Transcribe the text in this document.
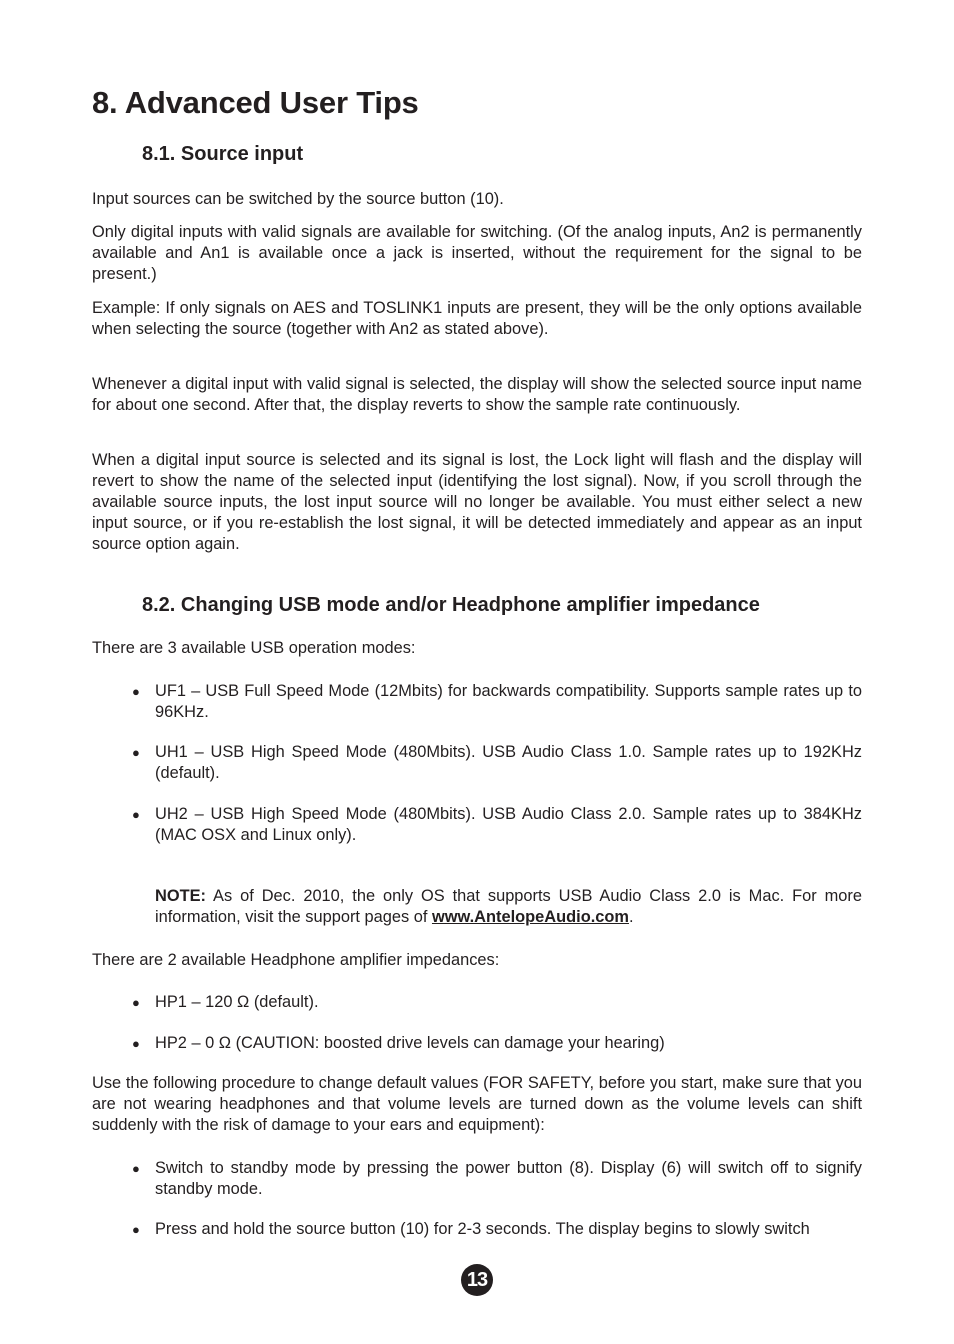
8. Advanced User Tips
8.1. Source input

Input sources can be switched by the source button (10).

Only digital inputs with valid signals are available for switching. (Of the analog inputs, An2 is permanently available and An1 is available once a jack is inserted, without the requirement for the signal to be present.)

Example: If only signals on AES and TOSLINK1 inputs are present, they will be the only options available when selecting the source (together with An2 as stated above).

Whenever a digital input with valid signal is selected, the display will show the selected source input name for about one second. After that, the display reverts to show the sample rate continuously.

When a digital input source is selected and its signal is lost, the Lock light will flash and the display will revert to show the name of the selected input (identifying the lost signal). Now, if you scroll through the available source inputs, the lost input source will no longer be available. You must either select a new input source, or if you re-establish the lost signal, it will be detected immediately and appear as an input source option again.

8.2. Changing USB mode and/or Headphone amplifier impedance

There are 3 available USB operation modes:

● UF1 – USB Full Speed Mode (12Mbits) for backwards compatibility. Supports sample rates up to 96KHz.

● UH1 – USB High Speed Mode (480Mbits). USB Audio Class 1.0. Sample rates up to 192KHz (default).

● UH2 – USB High Speed Mode (480Mbits). USB Audio Class 2.0. Sample rates up to 384KHz (MAC OSX and Linux only).

NOTE: As of Dec. 2010, the only OS that supports USB Audio Class 2.0 is Mac. For more information, visit the support pages of www.AntelopeAudio.com.

There are 2 available Headphone amplifier impedances:

● HP1 – 120 Ω (default).

● HP2 – 0 Ω (CAUTION: boosted drive levels can damage your hearing)

Use the following procedure to change default values (FOR SAFETY, before you start, make sure that you are not wearing headphones and that volume levels are turned down as the volume levels can shift suddenly with the risk of damage to your ears and equipment):

● Switch to standby mode by pressing the power button (8). Display (6) will switch off to signify standby mode.

● Press and hold the source button (10) for 2-3 seconds. The display begins to slowly switch

13
